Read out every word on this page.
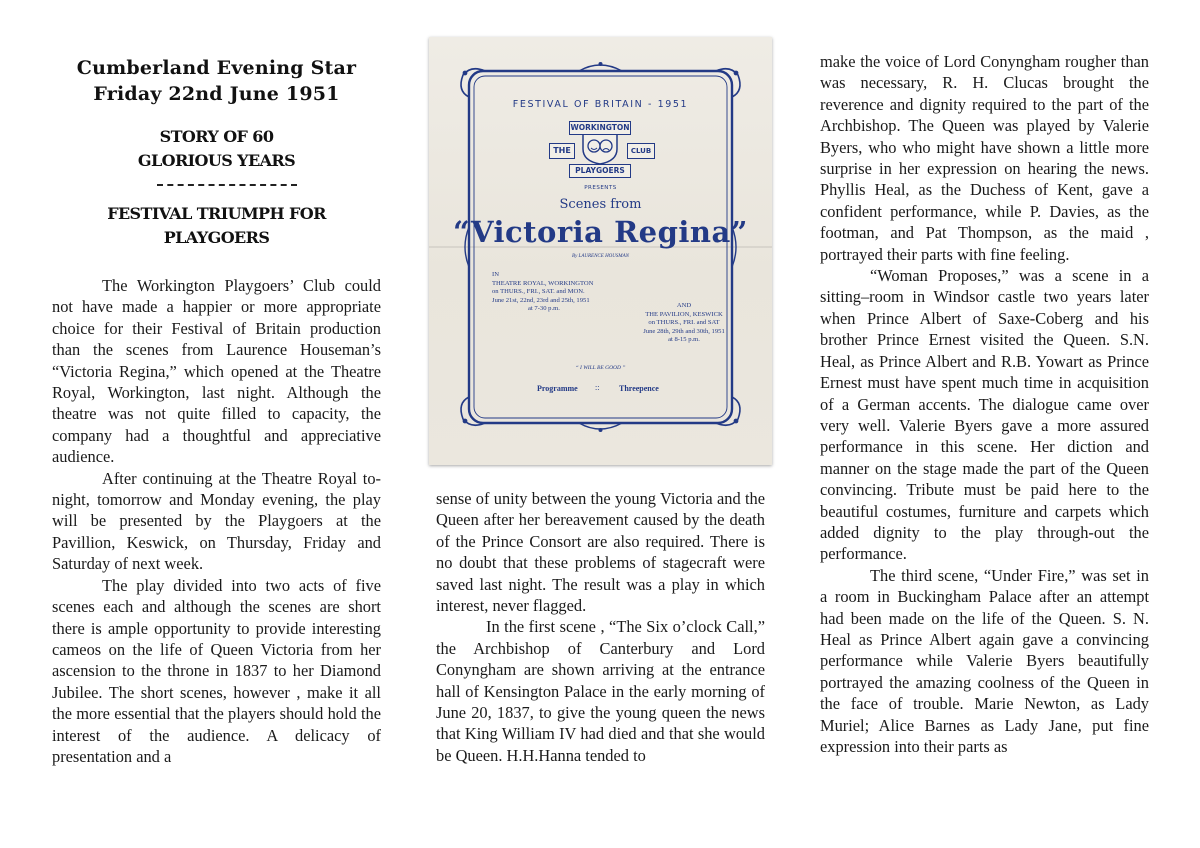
Cumberland Evening Star
Friday 22nd June 1951
STORY OF 60
GLORIOUS YEARS
FESTIVAL TRIUMPH FOR
PLAYGOERS

The Workington Playgoers’ Club could not have made a happier or more appropriate choice for their Festival of Britain production than the scenes from Laurence Houseman’s “Victoria Regina,” which opened at the Theatre Royal, Workington, last night. Although the theatre was not quite filled to capacity, the company had a thoughtful and appreciative audience.

After continuing at the Theatre Royal to-night, tomorrow and Monday evening, the play will be presented by the Playgoers at the Pavillion, Keswick, on Thursday, Friday and Saturday of next week.

The play divided into two acts of five scenes each and although the scenes are short there is ample opportunity to provide interesting cameos on the life of Queen Victoria from her ascension to the throne in 1837 to her Diamond Jubilee. The short scenes, however , make it all the more essential that the players should hold the interest of the audience. A delicacy of presentation and a

sense of unity between the young Victoria and the Queen after her bereavement caused by the death of the Prince Consort are also required. There is no doubt that these problems of stagecraft were saved last night. The result was a play in which interest, never flagged.

In the first scene , “The Six o’clock Call,” the Archbishop of Canterbury and Lord Conyngham are shown arriving at the entrance hall of Kensington Palace in the early morning of June 20, 1837, to give the young queen the news that King William IV had died and that she would be Queen. H.H.Hanna tended to

make the voice of Lord Conyngham rougher than was necessary, R. H. Clucas brought the reverence and dignity required to the part of the Archbishop. The Queen was played by Valerie Byers, who who might have shown a little more surprise in her expression on hearing the news. Phyllis Heal, as the Duchess of Kent, gave a confident performance, while P. Davies, as the footman, and Pat Thompson, as the maid , portrayed their parts with fine feeling.

“Woman Proposes,” was a scene in a sitting–room in Windsor castle two years later when Prince Albert of Saxe-Coberg and his brother Prince Ernest visited the Queen. S.N. Heal, as Prince Albert and R.B. Yowart as Prince Ernest must have spent much time in acquisition of a German accents. The dialogue came over very well. Valerie Byers gave a more assured performance in this scene. Her diction and manner on the stage made the part of the Queen convincing. Tribute must be paid here to the beautiful costumes, furniture and carpets which added dignity to the play through-out the performance.

The third scene, “Under Fire,” was set in a room in Buckingham Palace after an attempt had been made on the life of the Queen. S. N. Heal as Prince Albert again gave a convincing performance while Valerie Byers beautifully portrayed the amazing coolness of the Queen in the face of trouble. Marie Newton, as Lady Muriel; Alice Barnes as Lady Jane, put fine expression into their parts as

FESTIVAL OF BRITAIN - 1951

WORKINGTON

THE	CLUB

PLAYGOERS

PRESENTS

Scenes from

“Victoria Regina”

By LAURENCE HOUSMAN

IN
THEATRE ROYAL, WORKINGTON
on THURS., FRI., SAT. and MON.
June 21st, 22nd, 23rd and 25th, 1951
at 7-30 p.m.	AND
THE PAVILION, KESWICK
on THURS., FRI. and SAT
June 28th, 29th and 30th, 1951
at 8-15 p.m.

“ I WILL BE GOOD ”

Programme :: Threepence
